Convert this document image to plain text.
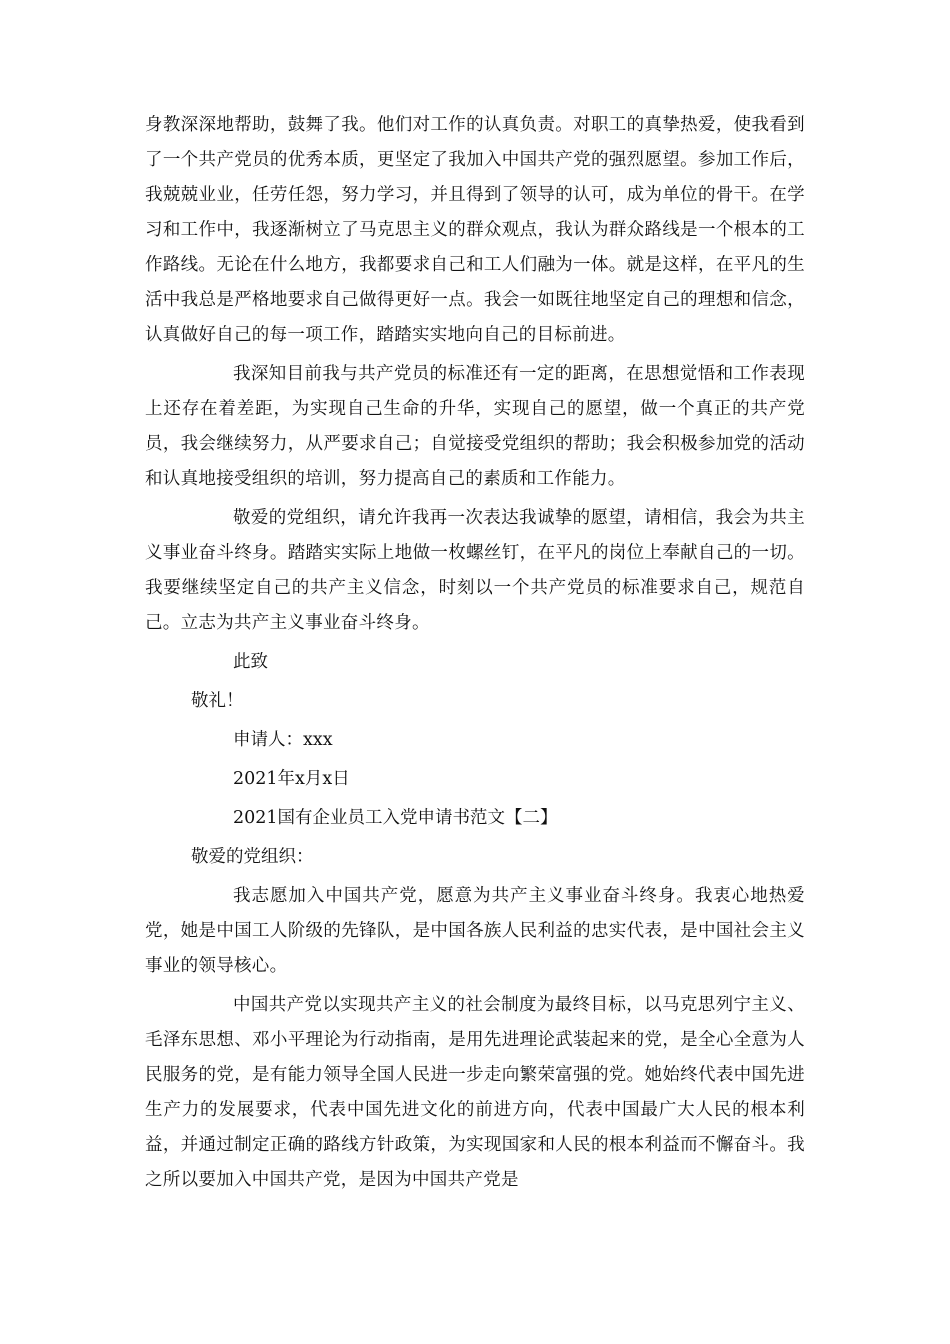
身教深深地帮助，鼓舞了我。他们对工作的认真负责。对职工的真挚热爱，使我看到了一个共产党员的优秀本质，更坚定了我加入中国共产党的强烈愿望。参加工作后，我兢兢业业，任劳任怨，努力学习，并且得到了领导的认可，成为单位的骨干。在学习和工作中，我逐渐树立了马克思主义的群众观点，我认为群众路线是一个根本的工作路线。无论在什么地方，我都要求自己和工人们融为一体。就是这样，在平凡的生活中我总是严格地要求自己做得更好一点。我会一如既往地坚定自己的理想和信念，认真做好自己的每一项工作，踏踏实实地向自己的目标前进。

我深知目前我与共产党员的标准还有一定的距离，在思想觉悟和工作表现上还存在着差距，为实现自己生命的升华，实现自己的愿望，做一个真正的共产党员，我会继续努力，从严要求自己；自觉接受党组织的帮助；我会积极参加党的活动和认真地接受组织的培训，努力提高自己的素质和工作能力。

敬爱的党组织，请允许我再一次表达我诚挚的愿望，请相信，我会为共主义事业奋斗终身。踏踏实实际上地做一枚螺丝钉，在平凡的岗位上奉献自己的一切。我要继续坚定自己的共产主义信念，时刻以一个共产党员的标准要求自己，规范自己。立志为共产主义事业奋斗终身。

此致

敬礼！

申请人：xxx

2021年x月x日

2021国有企业员工入党申请书范文【二】

敬爱的党组织：

我志愿加入中国共产党，愿意为共产主义事业奋斗终身。我衷心地热爱党，她是中国工人阶级的先锋队，是中国各族人民利益的忠实代表，是中国社会主义事业的领导核心。

中国共产党以实现共产主义的社会制度为最终目标，以马克思列宁主义、毛泽东思想、邓小平理论为行动指南，是用先进理论武装起来的党，是全心全意为人民服务的党，是有能力领导全国人民进一步走向繁荣富强的党。她始终代表中国先进生产力的发展要求，代表中国先进文化的前进方向，代表中国最广大人民的根本利益，并通过制定正确的路线方针政策，为实现国家和人民的根本利益而不懈奋斗。我之所以要加入中国共产党，是因为中国共产党是
